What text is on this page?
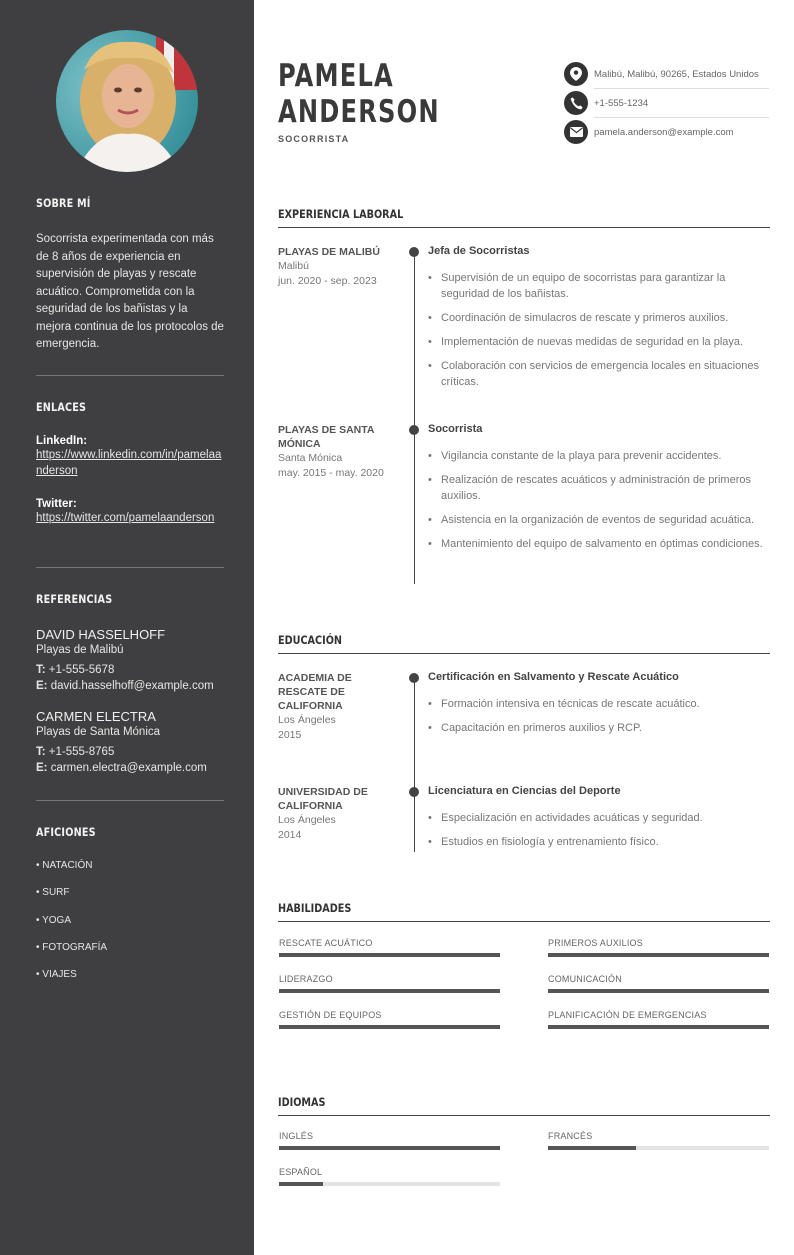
SOBRE MÍ
Socorrista experimentada con más de 8 años de experiencia en supervisión de playas y rescate acuático. Comprometida con la seguridad de los bañistas y la mejora continua de los protocolos de emergencia.
ENLACES
LinkedIn:
https://www.linkedin.com/in/pamelaanderson
Twitter:
https://twitter.com/pamelaanderson
REFERENCIAS
DAVID HASSELHOFF
Playas de Malibú
T: +1-555-5678
E: david.hasselhoff@example.com
CARMEN ELECTRA
Playas de Santa Mónica
T: +1-555-8765
E: carmen.electra@example.com
AFICIONES
• NATACIÓN
• SURF
• YOGA
• FOTOGRAFÍA
• VIAJES
PAMELA
ANDERSON
SOCORRISTA
Malibú, Malibú, 90265, Estados Unidos
+1-555-1234
pamela.anderson@example.com
EXPERIENCIA LABORAL
PLAYAS DE MALIBÚ
Malibú
jun. 2020 - sep. 2023
Jefa de Socorristas
• Supervisión de un equipo de socorristas para garantizar la seguridad de los bañistas.
• Coordinación de simulacros de rescate y primeros auxilios.
• Implementación de nuevas medidas de seguridad en la playa.
• Colaboración con servicios de emergencia locales en situaciones críticas.
PLAYAS DE SANTA MÓNICA
Santa Mónica
may. 2015 - may. 2020
Socorrista
• Vigilancia constante de la playa para prevenir accidentes.
• Realización de rescates acuáticos y administración de primeros auxilios.
• Asistencia en la organización de eventos de seguridad acuática.
• Mantenimiento del equipo de salvamento en óptimas condiciones.
EDUCACIÓN
ACADEMIA DE RESCATE DE CALIFORNIA
Los Ángeles
2015
Certificación en Salvamento y Rescate Acuático
• Formación intensiva en técnicas de rescate acuático.
• Capacitación en primeros auxilios y RCP.
UNIVERSIDAD DE CALIFORNIA
Los Ángeles
2014
Licenciatura en Ciencias del Deporte
• Especialización en actividades acuáticas y seguridad.
• Estudios en fisiología y entrenamiento físico.
HABILIDADES
RESCATE ACUÁTICO	PRIMEROS AUXILIOS
LIDERAZGO	COMUNICACIÓN
GESTIÓN DE EQUIPOS	PLANIFICACIÓN DE EMERGENCIAS
IDIOMAS
INGLÉS	FRANCÉS
ESPAÑOL
